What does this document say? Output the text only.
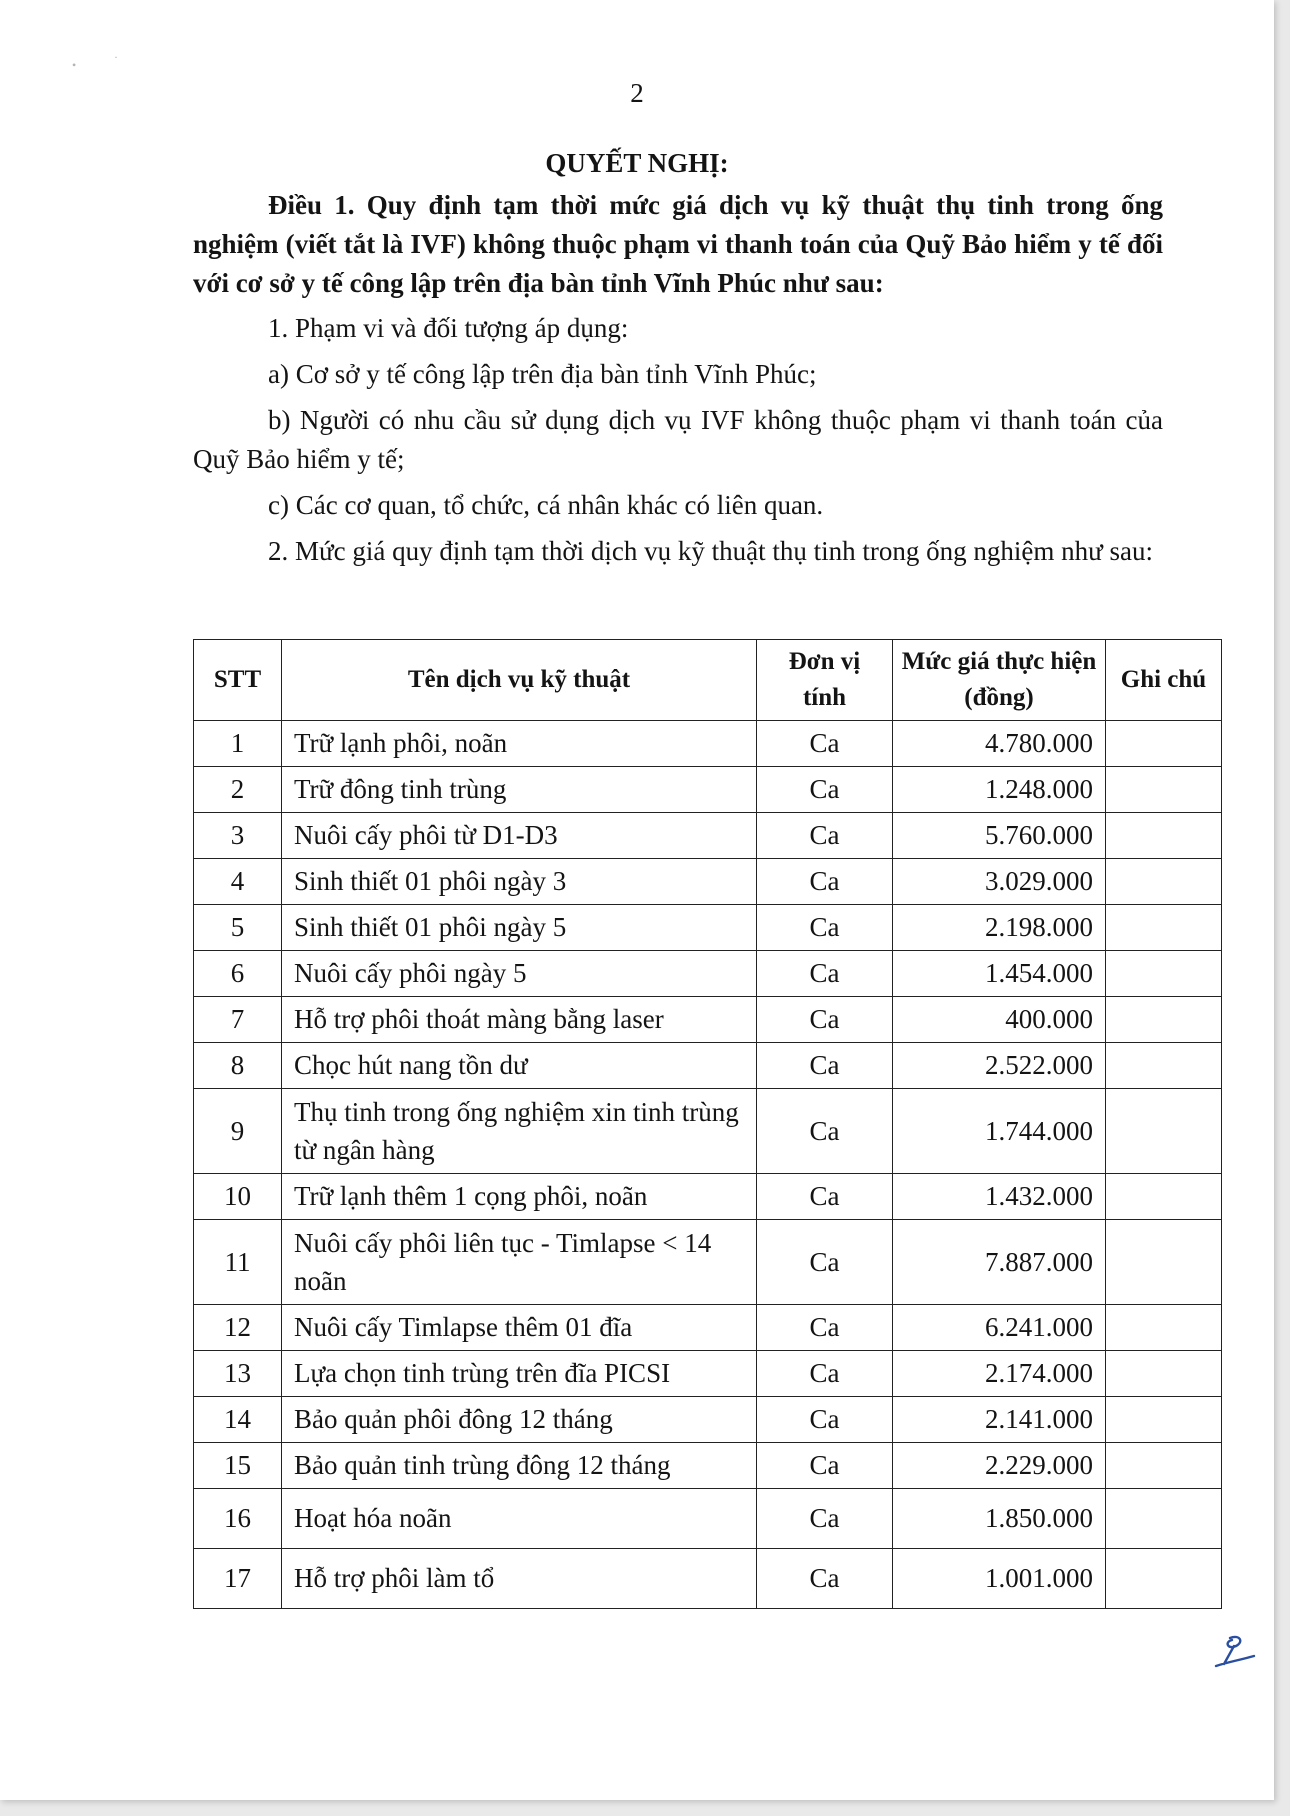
•
·
2
QUYẾT NGHỊ:

Điều 1. Quy định tạm thời mức giá dịch vụ kỹ thuật thụ tinh trong ống nghiệm (viết tắt là IVF) không thuộc phạm vi thanh toán của Quỹ Bảo hiểm y tế đối với cơ sở y tế công lập trên địa bàn tỉnh Vĩnh Phúc như sau:

1. Phạm vi và đối tượng áp dụng:

a) Cơ sở y tế công lập trên địa bàn tỉnh Vĩnh Phúc;

b) Người có nhu cầu sử dụng dịch vụ IVF không thuộc phạm vi thanh toán của Quỹ Bảo hiểm y tế;

c) Các cơ quan, tổ chức, cá nhân khác có liên quan.

2. Mức giá quy định tạm thời dịch vụ kỹ thuật thụ tinh trong ống nghiệm như sau:

STT	Tên dịch vụ kỹ thuật	Đơn vị tính	Mức giá thực hiện (đồng)	Ghi chú
1	Trữ lạnh phôi, noãn	Ca	4.780.000	
2	Trữ đông tinh trùng	Ca	1.248.000	
3	Nuôi cấy phôi từ D1-D3	Ca	5.760.000	
4	Sinh thiết 01 phôi ngày 3	Ca	3.029.000	
5	Sinh thiết 01 phôi ngày 5	Ca	2.198.000	
6	Nuôi cấy phôi ngày 5	Ca	1.454.000	
7	Hỗ trợ phôi thoát màng bằng laser	Ca	400.000	
8	Chọc hút nang tồn dư	Ca	2.522.000	
9	Thụ tinh trong ống nghiệm xin tinh trùng từ ngân hàng	Ca	1.744.000	
10	Trữ lạnh thêm 1 cọng phôi, noãn	Ca	1.432.000	
11	Nuôi cấy phôi liên tục - Timlapse < 14 noãn	Ca	7.887.000	
12	Nuôi cấy Timlapse thêm 01 đĩa	Ca	6.241.000	
13	Lựa chọn tinh trùng trên đĩa PICSI	Ca	2.174.000	
14	Bảo quản phôi đông 12 tháng	Ca	2.141.000	
15	Bảo quản tinh trùng đông 12 tháng	Ca	2.229.000	
16	Hoạt hóa noãn	Ca	1.850.000	
17	Hỗ trợ phôi làm tổ	Ca	1.001.000	
